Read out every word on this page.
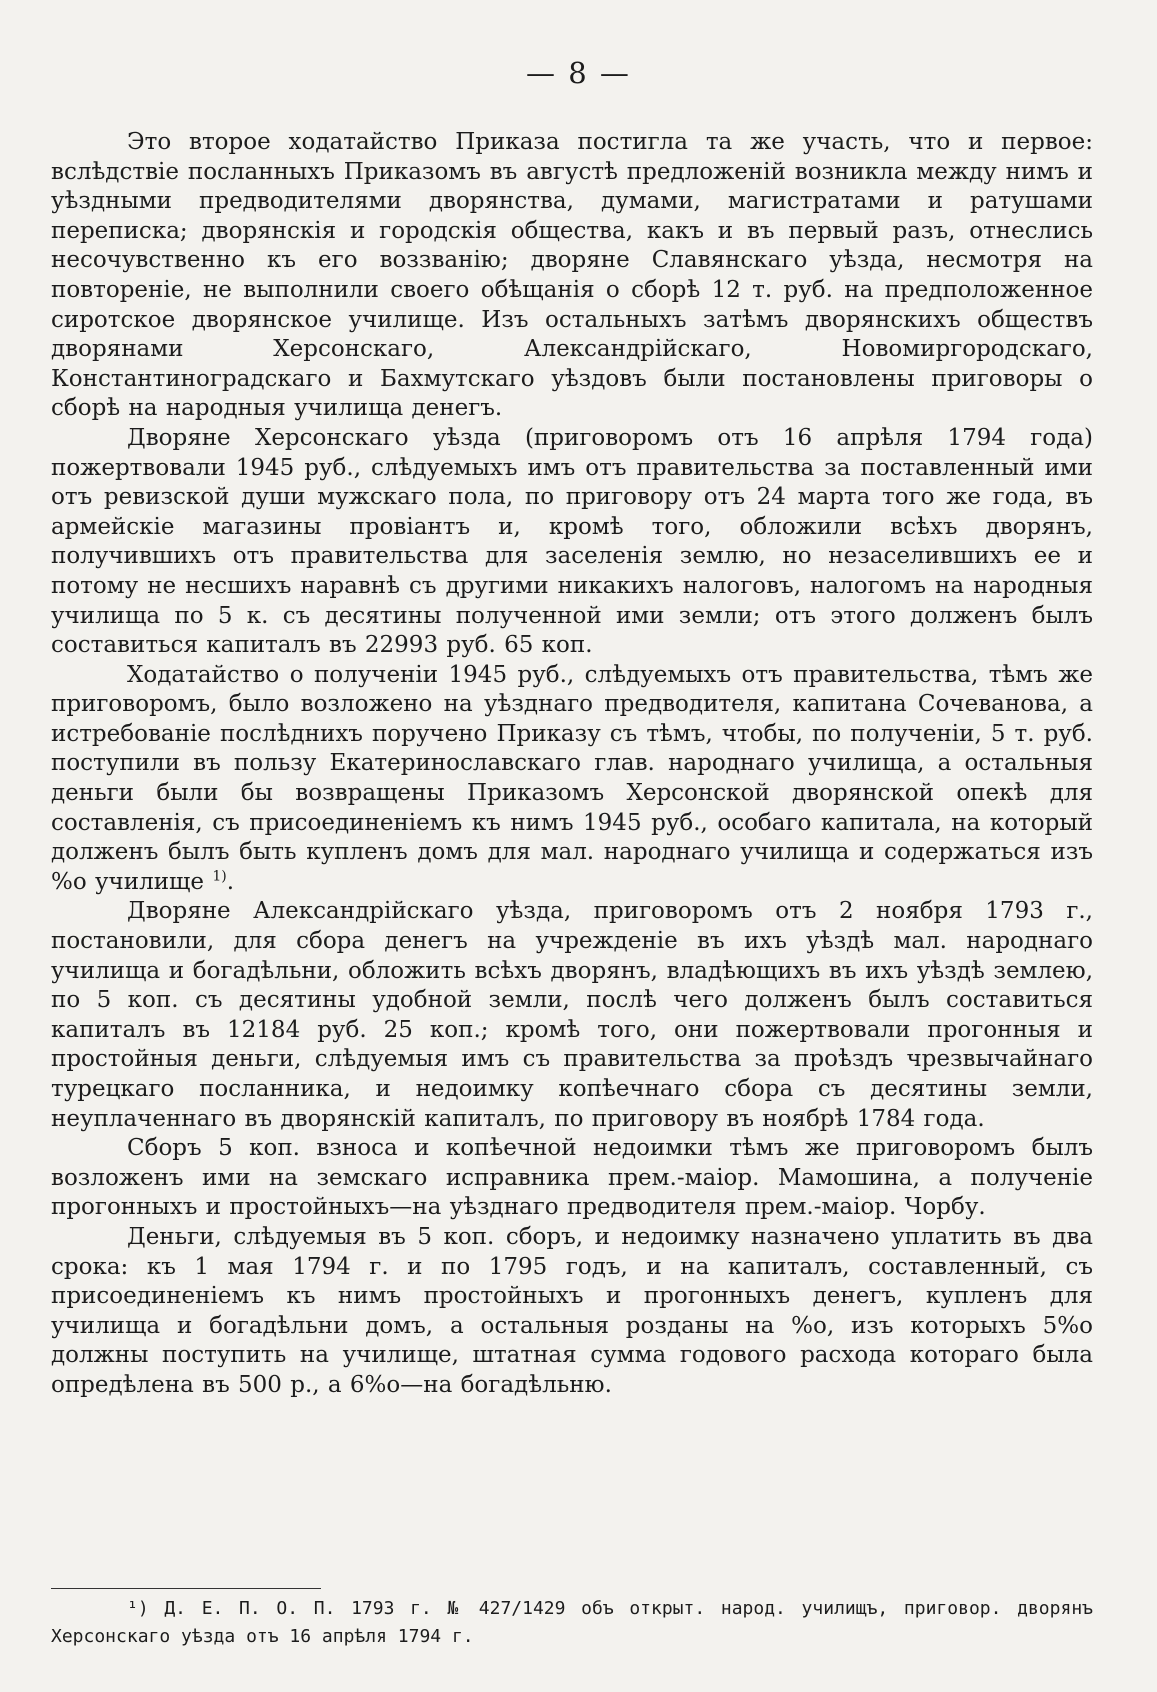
— 8 —

Это второе ходатайство Приказа постигла та же участь, что и первое: вслѣдствіе посланныхъ Приказомъ въ августѣ предложеній возникла между нимъ и уѣздными предводителями дворянства, думами, магистратами и ратушами переписка; дворянскія и городскія общества, какъ и въ первый разъ, отнеслись несочувственно къ его воззванію; дворяне Славянскаго уѣзда, несмотря на повтореніе, не выполнили своего обѣщанія о сборѣ 12 т. руб. на предположенное сиротское дворянское училище. Изъ остальныхъ затѣмъ дворянскихъ обществъ дворянами Херсонскаго, Александрійскаго, Новомиргородскаго, Константиноградскаго и Бахмутскаго уѣздовъ были постановлены приговоры о сборѣ на народныя училища денегъ.

Дворяне Херсонскаго уѣзда (приговоромъ отъ 16 апрѣля 1794 года) пожертвовали 1945 руб., слѣдуемыхъ имъ отъ правительства за поставленный ими отъ ревизской души мужскаго пола, по приговору отъ 24 марта того же года, въ армейскіе магазины провіантъ и, кромѣ того, обложили всѣхъ дворянъ, получившихъ отъ правительства для заселенія землю, но незаселившихъ ее и потому не несшихъ наравнѣ съ другими никакихъ налоговъ, налогомъ на народныя училища по 5 к. съ десятины полученной ими земли; отъ этого долженъ былъ составиться капиталъ въ 22993 руб. 65 коп.

Ходатайство о полученіи 1945 руб., слѣдуемыхъ отъ правительства, тѣмъ же приговоромъ, было возложено на уѣзднаго предводителя, капитана Сочеванова, а истребованіе послѣднихъ поручено Приказу съ тѣмъ, чтобы, по полученіи, 5 т. руб. поступили въ пользу Екатеринославскаго глав. народнаго училища, а остальныя деньги были бы возвращены Приказомъ Херсонской дворянской опекѣ для составленія, съ присоединеніемъ къ нимъ 1945 руб., особаго капитала, на который долженъ былъ быть купленъ домъ для мал. народнаго училища и содержаться изъ %о училище $^{1)}$.

Дворяне Александрійскаго уѣзда, приговоромъ отъ 2 ноября 1793 г., постановили, для сбора денегъ на учрежденіе въ ихъ уѣздѣ мал. народнаго училища и богадѣльни, обложить всѣхъ дворянъ, владѣющихъ въ ихъ уѣздѣ землею, по 5 коп. съ десятины удобной земли, послѣ чего долженъ былъ составиться капиталъ въ 12184 руб. 25 коп.; кромѣ того, они пожертвовали прогонныя и простойныя деньги, слѣдуемыя имъ съ правительства за проѣздъ чрезвычайнаго турецкаго посланника, и недоимку копѣечнаго сбора съ десятины земли, неуплаченнаго въ дворянскій капиталъ, по приговору въ ноябрѣ 1784 года.

Сборъ 5 коп. взноса и копѣечной недоимки тѣмъ же приговоромъ былъ возложенъ ими на земскаго исправника прем.-маіор. Мамошина, а полученіе прогонныхъ и простойныхъ—на уѣзднаго предводителя прем.-маіор. Чорбу.

Деньги, слѣдуемыя въ 5 коп. сборъ, и недоимку назначено уплатить въ два срока: къ 1 мая 1794 г. и по 1795 годъ, и на капиталъ, составленный, съ присоединеніемъ къ нимъ простойныхъ и прогонныхъ денегъ, купленъ для училища и богадѣльни домъ, а остальныя розданы на %о, изъ которыхъ 5%о должны поступить на училище, штатная сумма годового расхода котораго была опредѣлена въ 500 р., а 6%о—на богадѣльню.

¹) Д. Е. П. О. П. 1793 г. № 427/1429 объ открыт. народ. училищъ, приговор. дворянъ Херсонскаго уѣзда отъ 16 апрѣля 1794 г.
